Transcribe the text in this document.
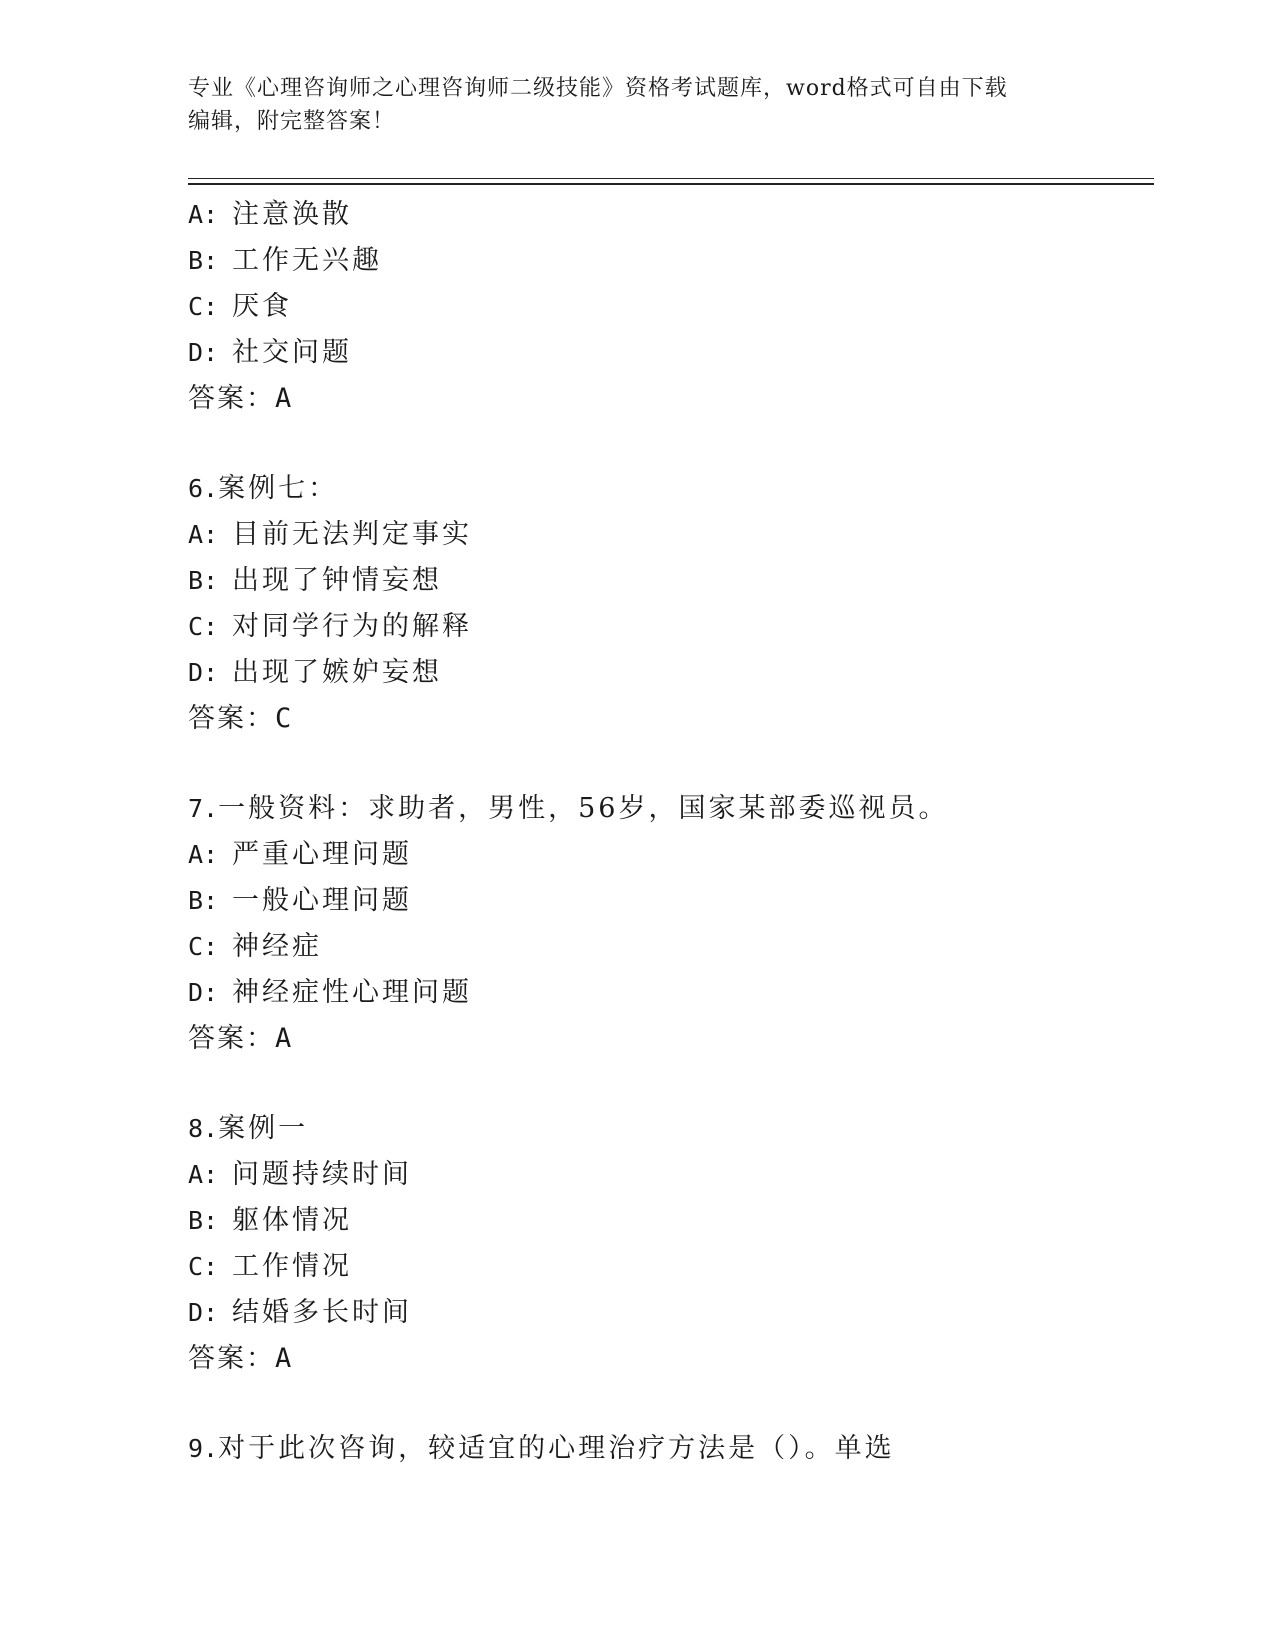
专业《心理咨询师之心理咨询师二级技能》资格考试题库，word格式可自由下载
编辑，附完整答案！
A: 注意涣散
B: 工作无兴趣
C: 厌食
D: 社交问题
答案：A
6.案例七：
A: 目前无法判定事实
B: 出现了钟情妄想
C: 对同学行为的解释
D: 出现了嫉妒妄想
答案：C
7.一般资料：求助者，男性，56岁，国家某部委巡视员。
A: 严重心理问题
B: 一般心理问题
C: 神经症
D: 神经症性心理问题
答案：A
8.案例一
A: 问题持续时间
B: 躯体情况
C: 工作情况
D: 结婚多长时间
答案：A
9.对于此次咨询，较适宜的心理治疗方法是（）。单选
